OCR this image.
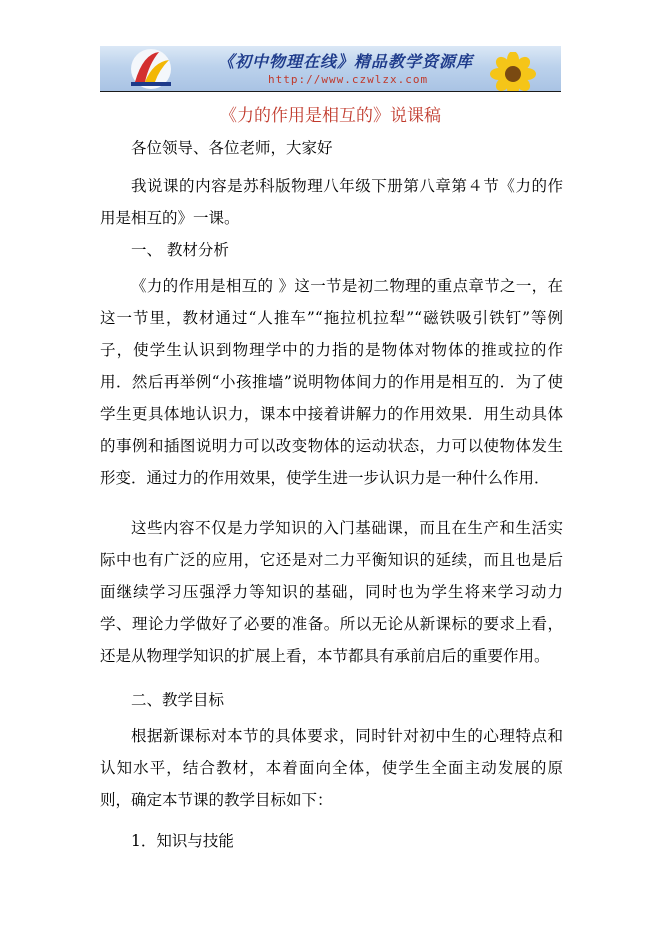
《初中物理在线》精品教学资源库
http://www.czwlzx.com
《力的作用是相互的》说课稿

各位领导、各位老师，大家好

我说课的内容是苏科版物理八年级下册第八章第４节《力的作用是相互的》一课。

一、 教材分析

《力的作用是相互的 》这一节是初二物理的重点章节之一，在这一节里，教材通过“人推车”“拖拉机拉犁”“磁铁吸引铁钉”等例子，使学生认识到物理学中的力指的是物体对物体的推或拉的作用．然后再举例“小孩推墙”说明物体间力的作用是相互的．为了使学生更具体地认识力，课本中接着讲解力的作用效果．用生动具体的事例和插图说明力可以改变物体的运动状态，力可以使物体发生形变．通过力的作用效果，使学生进一步认识力是一种什么作用．

这些内容不仅是力学知识的入门基础课，而且在生产和生活实际中也有广泛的应用，它还是对二力平衡知识的延续，而且也是后面继续学习压强浮力等知识的基础，同时也为学生将来学习动力学、理论力学做好了必要的准备。所以无论从新课标的要求上看，还是从物理学知识的扩展上看，本节都具有承前启后的重要作用。

二、教学目标

根据新课标对本节的具体要求，同时针对初中生的心理特点和认知水平，结合教材，本着面向全体，使学生全面主动发展的原则，确定本节课的教学目标如下：

1．知识与技能
